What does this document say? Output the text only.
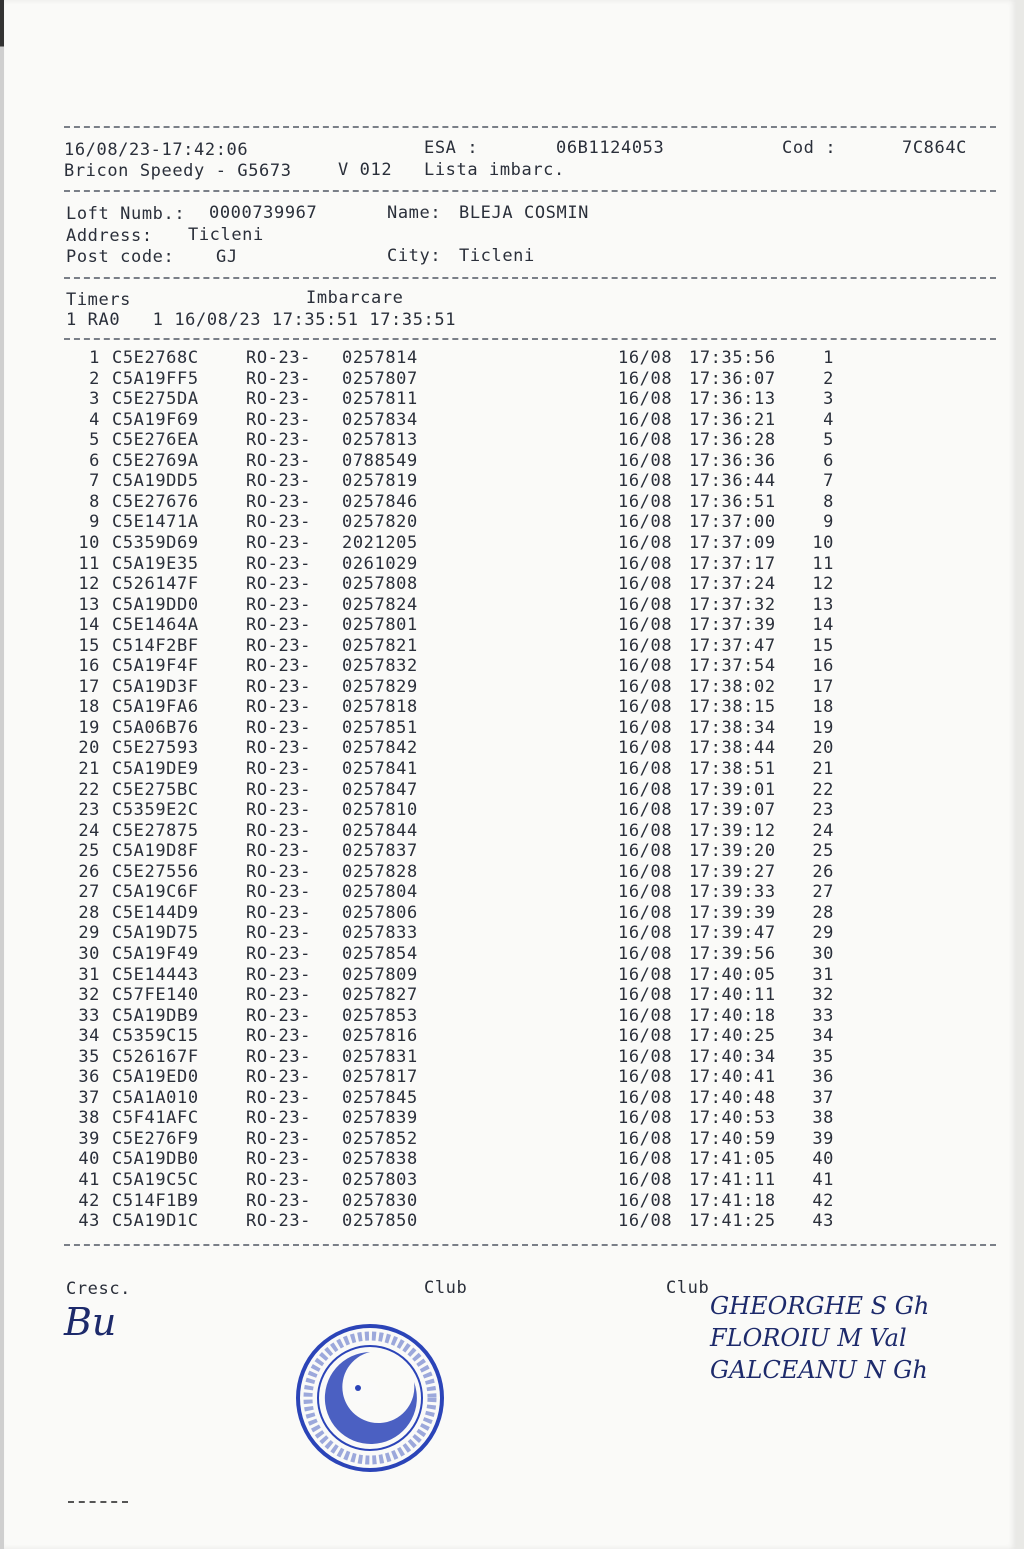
16/08/23-17:42:06	ESA :	06B1124053	Cod :	7C864C
Bricon Speedy - G5673	V 012 Lista imbarc.
Loft Numb.: 0000739967	Name: BLEJA COSMIN
Address: Ticleni
Post code: GJ	City: Ticleni
Timers	Imbarcare
1 RA0   1 16/08/23 17:35:51 17:35:51
1 C5E2768C	RO-23- 0257814	16/08 17:35:56	1
2 C5A19FF5	RO-23- 0257807	16/08 17:36:07	2
3 C5E275DA	RO-23- 0257811	16/08 17:36:13	3
4 C5A19F69	RO-23- 0257834	16/08 17:36:21	4
5 C5E276EA	RO-23- 0257813	16/08 17:36:28	5
6 C5E2769A	RO-23- 0788549	16/08 17:36:36	6
7 C5A19DD5	RO-23- 0257819	16/08 17:36:44	7
8 C5E27676	RO-23- 0257846	16/08 17:36:51	8
9 C5E1471A	RO-23- 0257820	16/08 17:37:00	9
10 C5359D69	RO-23- 2021205	16/08 17:37:09	10
11 C5A19E35	RO-23- 0261029	16/08 17:37:17	11
12 C526147F	RO-23- 0257808	16/08 17:37:24	12
13 C5A19DD0	RO-23- 0257824	16/08 17:37:32	13
14 C5E1464A	RO-23- 0257801	16/08 17:37:39	14
15 C514F2BF	RO-23- 0257821	16/08 17:37:47	15
16 C5A19F4F	RO-23- 0257832	16/08 17:37:54	16
17 C5A19D3F	RO-23- 0257829	16/08 17:38:02	17
18 C5A19FA6	RO-23- 0257818	16/08 17:38:15	18
19 C5A06B76	RO-23- 0257851	16/08 17:38:34	19
20 C5E27593	RO-23- 0257842	16/08 17:38:44	20
21 C5A19DE9	RO-23- 0257841	16/08 17:38:51	21
22 C5E275BC	RO-23- 0257847	16/08 17:39:01	22
23 C5359E2C	RO-23- 0257810	16/08 17:39:07	23
24 C5E27875	RO-23- 0257844	16/08 17:39:12	24
25 C5A19D8F	RO-23- 0257837	16/08 17:39:20	25
26 C5E27556	RO-23- 0257828	16/08 17:39:27	26
27 C5A19C6F	RO-23- 0257804	16/08 17:39:33	27
28 C5E144D9	RO-23- 0257806	16/08 17:39:39	28
29 C5A19D75	RO-23- 0257833	16/08 17:39:47	29
30 C5A19F49	RO-23- 0257854	16/08 17:39:56	30
31 C5E14443	RO-23- 0257809	16/08 17:40:05	31
32 C57FE140	RO-23- 0257827	16/08 17:40:11	32
33 C5A19DB9	RO-23- 0257853	16/08 17:40:18	33
34 C5359C15	RO-23- 0257816	16/08 17:40:25	34
35 C526167F	RO-23- 0257831	16/08 17:40:34	35
36 C5A19ED0	RO-23- 0257817	16/08 17:40:41	36
37 C5A1A010	RO-23- 0257845	16/08 17:40:48	37
38 C5F41AFC	RO-23- 0257839	16/08 17:40:53	38
39 C5E276F9	RO-23- 0257852	16/08 17:40:59	39
40 C5A19DB0	RO-23- 0257838	16/08 17:41:05	40
41 C5A19C5C	RO-23- 0257803	16/08 17:41:11	41
42 C514F1B9	RO-23- 0257830	16/08 17:41:18	42
43 C5A19D1C	RO-23- 0257850	16/08 17:41:25	43
Cresc.	Club	Club
Bu	GHEORGHE S Gh
FLOROIU M Val
GALCEANU N Gh
